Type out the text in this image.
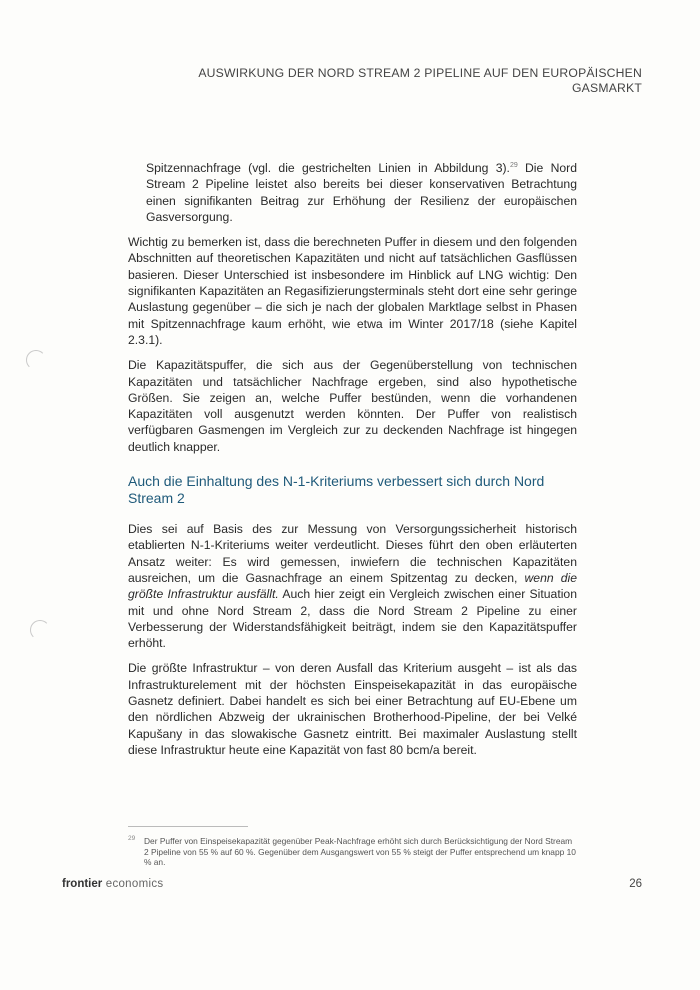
AUSWIRKUNG DER NORD STREAM 2 PIPELINE AUF DEN EUROPÄISCHEN
GASMARKT

Spitzennachfrage (vgl. die gestrichelten Linien in Abbildung 3).$^{29}$ Die Nord Stream 2 Pipeline leistet also bereits bei dieser konservativen Betrachtung einen signifikanten Beitrag zur Erhöhung der Resilienz der europäischen Gasversorgung.

Wichtig zu bemerken ist, dass die berechneten Puffer in diesem und den folgenden Abschnitten auf theoretischen Kapazitäten und nicht auf tatsächlichen Gasflüssen basieren. Dieser Unterschied ist insbesondere im Hinblick auf LNG wichtig: Den signifikanten Kapazitäten an Regasifizierungsterminals steht dort eine sehr geringe Auslastung gegenüber – die sich je nach der globalen Marktlage selbst in Phasen mit Spitzennachfrage kaum erhöht, wie etwa im Winter 2017/18 (siehe Kapitel 2.3.1).

Die Kapazitätspuffer, die sich aus der Gegenüberstellung von technischen Kapazitäten und tatsächlicher Nachfrage ergeben, sind also hypothetische Größen. Sie zeigen an, welche Puffer bestünden, wenn die vorhandenen Kapazitäten voll ausgenutzt werden könnten. Der Puffer von realistisch verfügbaren Gasmengen im Vergleich zur zu deckenden Nachfrage ist hingegen deutlich knapper.

Auch die Einhaltung des N-1-Kriteriums verbessert sich durch Nord Stream 2

Dies sei auf Basis des zur Messung von Versorgungssicherheit historisch etablierten N-1-Kriteriums weiter verdeutlicht. Dieses führt den oben erläuterten Ansatz weiter: Es wird gemessen, inwiefern die technischen Kapazitäten ausreichen, um die Gasnachfrage an einem Spitzentag zu decken, wenn die größte Infrastruktur ausfällt. Auch hier zeigt ein Vergleich zwischen einer Situation mit und ohne Nord Stream 2, dass die Nord Stream 2 Pipeline zu einer Verbesserung der Widerstandsfähigkeit beiträgt, indem sie den Kapazitätspuffer erhöht.

Die größte Infrastruktur – von deren Ausfall das Kriterium ausgeht – ist als das Infrastrukturelement mit der höchsten Einspeisekapazität in das europäische Gasnetz definiert. Dabei handelt es sich bei einer Betrachtung auf EU-Ebene um den nördlichen Abzweig der ukrainischen Brotherhood-Pipeline, der bei Velké Kapušany in das slowakische Gasnetz eintritt. Bei maximaler Auslastung stellt diese Infrastruktur heute eine Kapazität von fast 80 bcm/a bereit.

29	Der Puffer von Einspeisekapazität gegenüber Peak-Nachfrage erhöht sich durch Berücksichtigung der Nord Stream 2 Pipeline von 55 % auf 60 %. Gegenüber dem Ausgangswert von 55 % steigt der Puffer entsprechend um knapp 10 % an.
frontier economics	26
